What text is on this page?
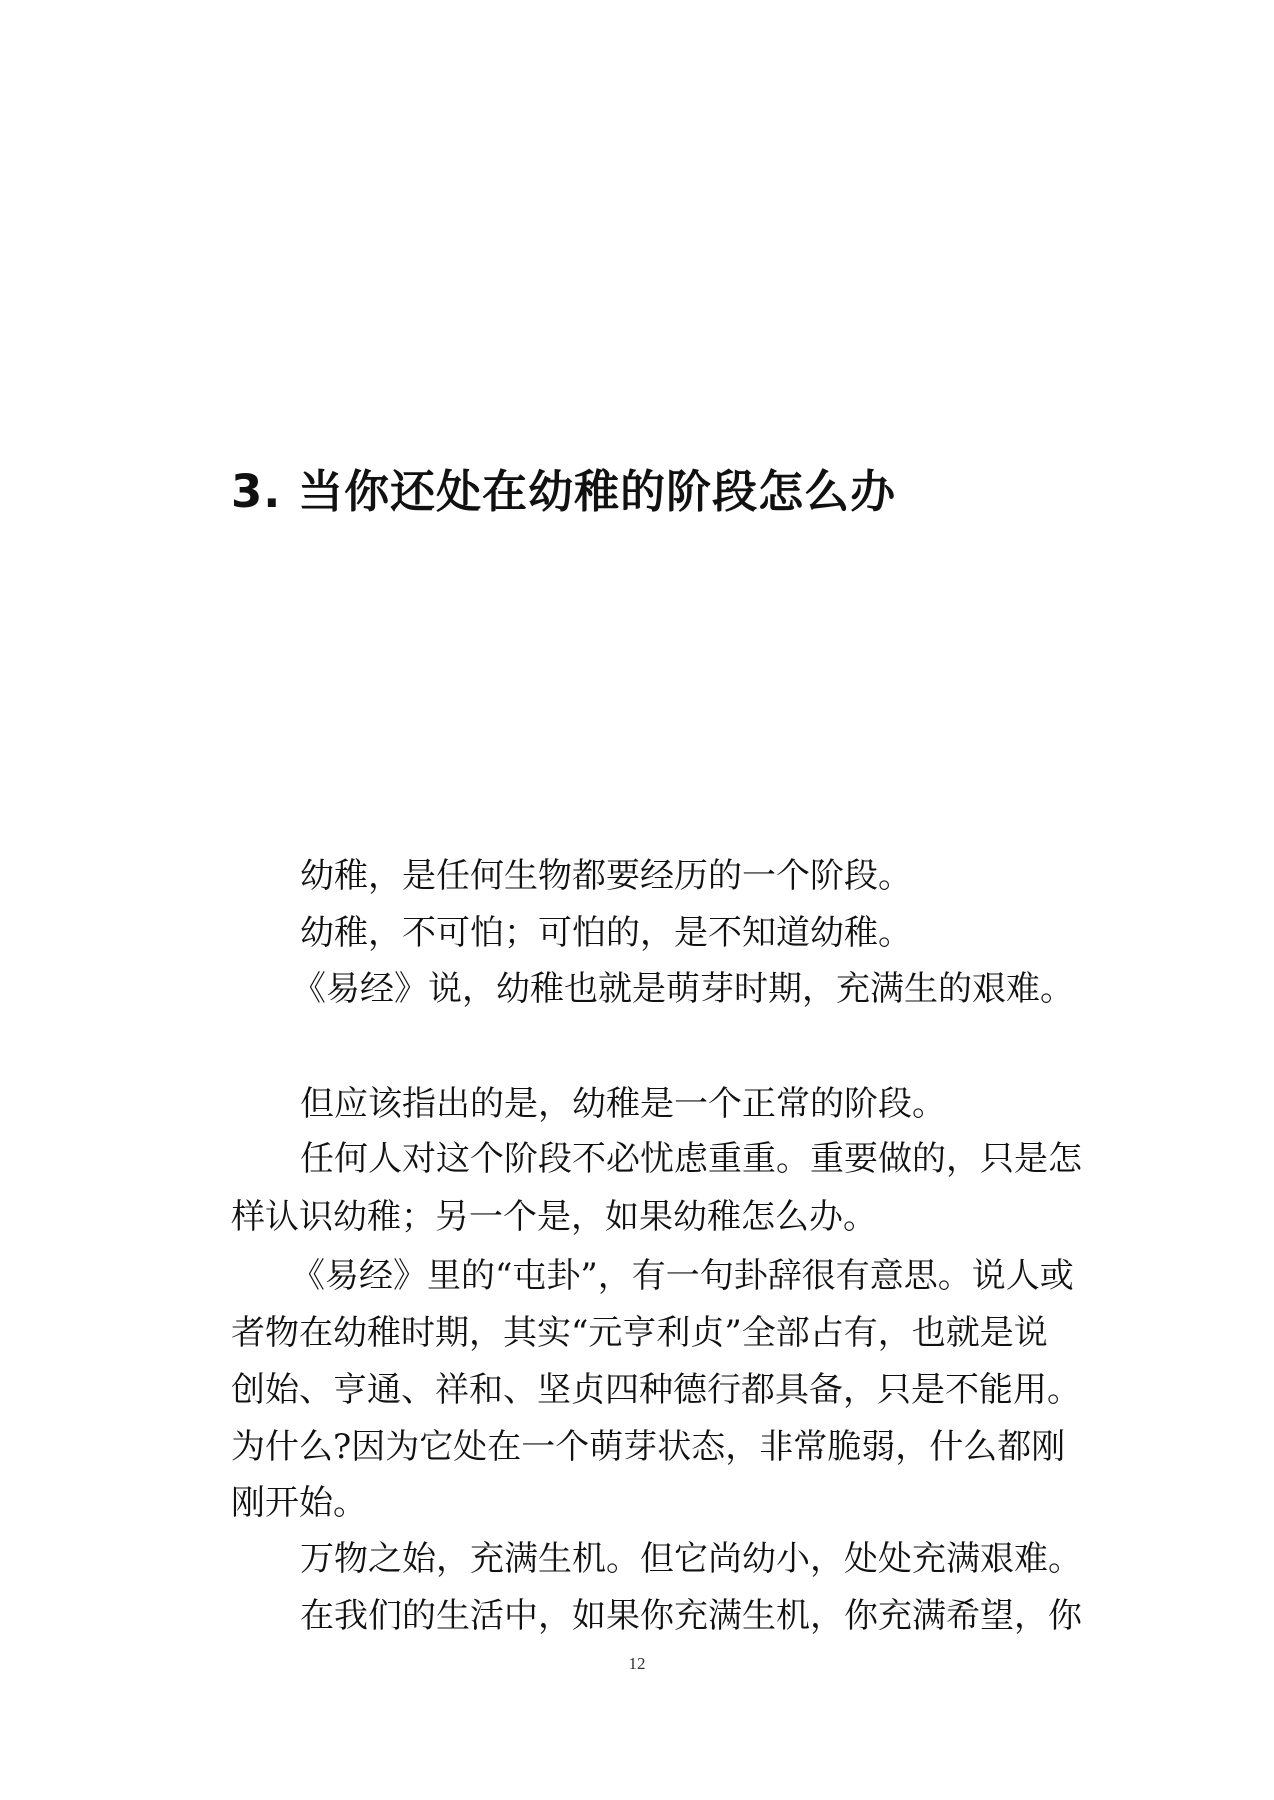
3. 当你还处在幼稚的阶段怎么办

幼稚，是任何生物都要经历的一个阶段。

幼稚，不可怕；可怕的，是不知道幼稚。

《易经》说，幼稚也就是萌芽时期，充满生的艰难。

但应该指出的是，幼稚是一个正常的阶段。

任何人对这个阶段不必忧虑重重。重要做的，只是怎

样认识幼稚；另一个是，如果幼稚怎么办。

《易经》里的“屯卦”，有一句卦辞很有意思。说人或

者物在幼稚时期，其实“元亨利贞”全部占有，也就是说

创始、亨通、祥和、坚贞四种德行都具备，只是不能用。

为什么?因为它处在一个萌芽状态，非常脆弱，什么都刚

刚开始。

万物之始，充满生机。但它尚幼小，处处充满艰难。

在我们的生活中，如果你充满生机，你充满希望，你

12
